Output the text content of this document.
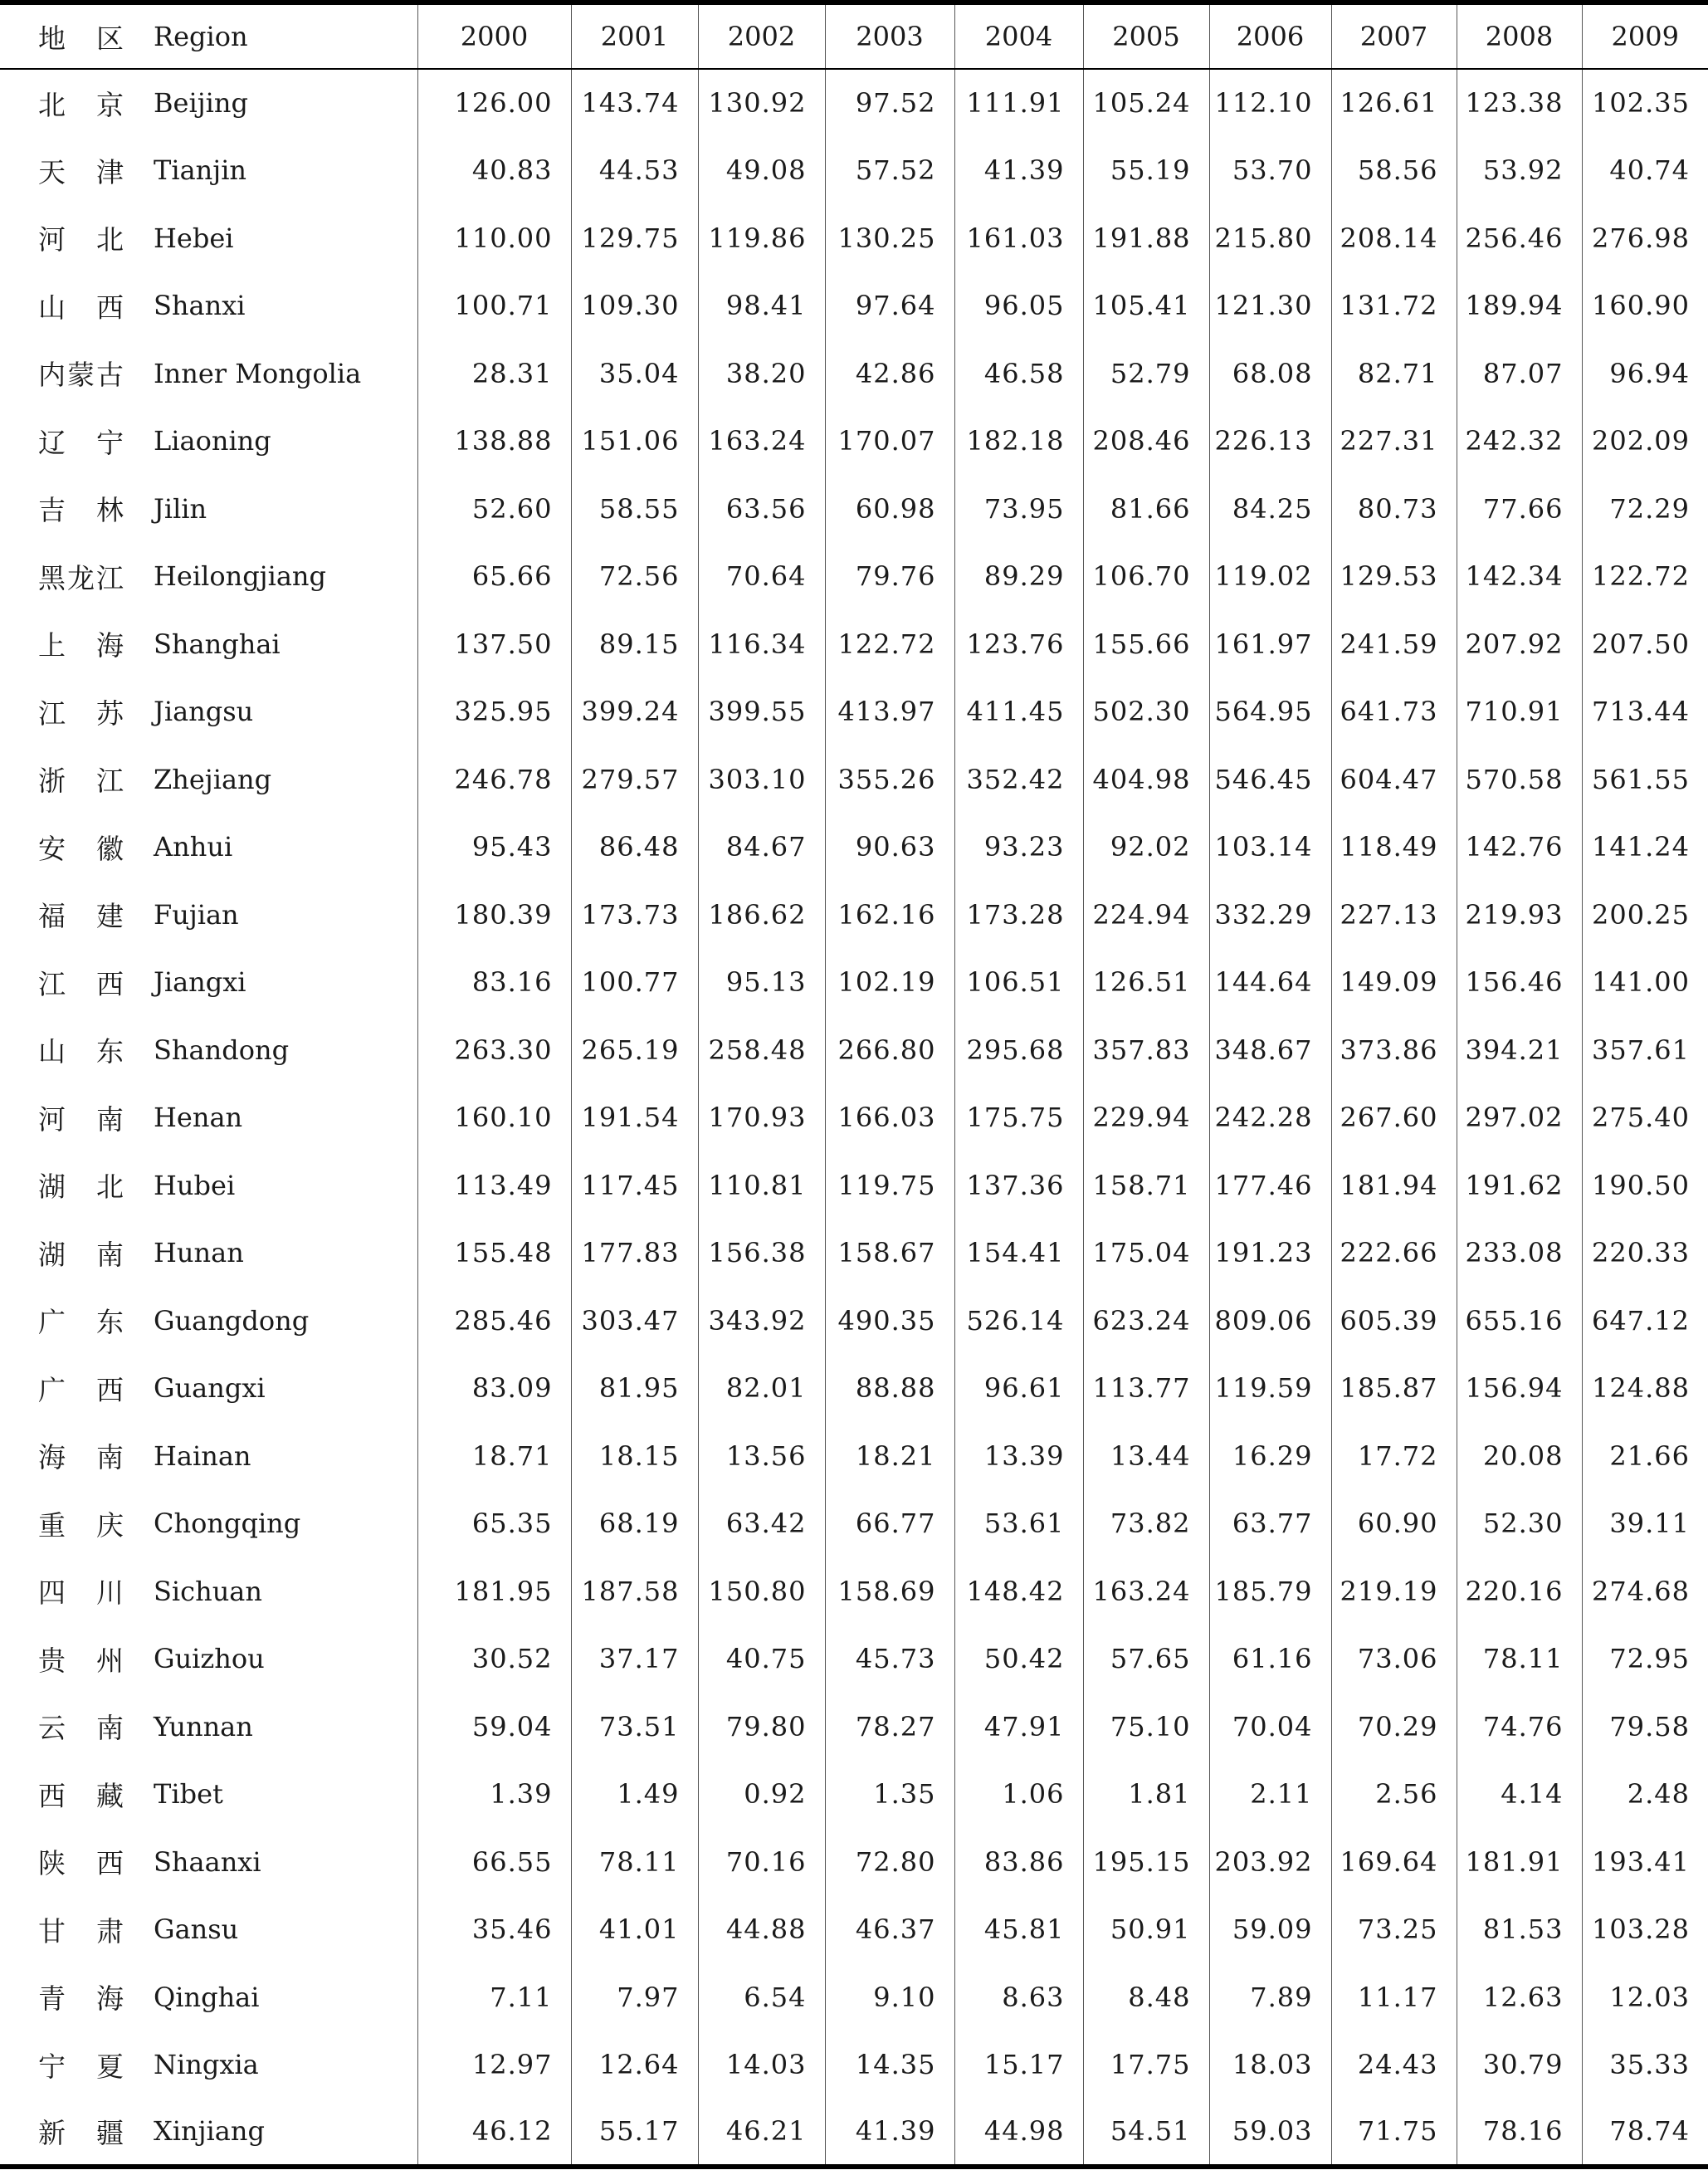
地　区	Region	2000	2001	2002	2003	2004	2005	2006	2007	2008	2009
北　京	Beijing	126.00	143.74	130.92	97.52	111.91	105.24	112.10	126.61	123.38	102.35
天　津	Tianjin	40.83	44.53	49.08	57.52	41.39	55.19	53.70	58.56	53.92	40.74
河　北	Hebei	110.00	129.75	119.86	130.25	161.03	191.88	215.80	208.14	256.46	276.98
山　西	Shanxi	100.71	109.30	98.41	97.64	96.05	105.41	121.30	131.72	189.94	160.90
内蒙古	Inner Mongolia	28.31	35.04	38.20	42.86	46.58	52.79	68.08	82.71	87.07	96.94
辽　宁	Liaoning	138.88	151.06	163.24	170.07	182.18	208.46	226.13	227.31	242.32	202.09
吉　林	Jilin	52.60	58.55	63.56	60.98	73.95	81.66	84.25	80.73	77.66	72.29
黑龙江	Heilongjiang	65.66	72.56	70.64	79.76	89.29	106.70	119.02	129.53	142.34	122.72
上　海	Shanghai	137.50	89.15	116.34	122.72	123.76	155.66	161.97	241.59	207.92	207.50
江　苏	Jiangsu	325.95	399.24	399.55	413.97	411.45	502.30	564.95	641.73	710.91	713.44
浙　江	Zhejiang	246.78	279.57	303.10	355.26	352.42	404.98	546.45	604.47	570.58	561.55
安　徽	Anhui	95.43	86.48	84.67	90.63	93.23	92.02	103.14	118.49	142.76	141.24
福　建	Fujian	180.39	173.73	186.62	162.16	173.28	224.94	332.29	227.13	219.93	200.25
江　西	Jiangxi	83.16	100.77	95.13	102.19	106.51	126.51	144.64	149.09	156.46	141.00
山　东	Shandong	263.30	265.19	258.48	266.80	295.68	357.83	348.67	373.86	394.21	357.61
河　南	Henan	160.10	191.54	170.93	166.03	175.75	229.94	242.28	267.60	297.02	275.40
湖　北	Hubei	113.49	117.45	110.81	119.75	137.36	158.71	177.46	181.94	191.62	190.50
湖　南	Hunan	155.48	177.83	156.38	158.67	154.41	175.04	191.23	222.66	233.08	220.33
广　东	Guangdong	285.46	303.47	343.92	490.35	526.14	623.24	809.06	605.39	655.16	647.12
广　西	Guangxi	83.09	81.95	82.01	88.88	96.61	113.77	119.59	185.87	156.94	124.88
海　南	Hainan	18.71	18.15	13.56	18.21	13.39	13.44	16.29	17.72	20.08	21.66
重　庆	Chongqing	65.35	68.19	63.42	66.77	53.61	73.82	63.77	60.90	52.30	39.11
四　川	Sichuan	181.95	187.58	150.80	158.69	148.42	163.24	185.79	219.19	220.16	274.68
贵　州	Guizhou	30.52	37.17	40.75	45.73	50.42	57.65	61.16	73.06	78.11	72.95
云　南	Yunnan	59.04	73.51	79.80	78.27	47.91	75.10	70.04	70.29	74.76	79.58
西　藏	Tibet	1.39	1.49	0.92	1.35	1.06	1.81	2.11	2.56	4.14	2.48
陕　西	Shaanxi	66.55	78.11	70.16	72.80	83.86	195.15	203.92	169.64	181.91	193.41
甘　肃	Gansu	35.46	41.01	44.88	46.37	45.81	50.91	59.09	73.25	81.53	103.28
青　海	Qinghai	7.11	7.97	6.54	9.10	8.63	8.48	7.89	11.17	12.63	12.03
宁　夏	Ningxia	12.97	12.64	14.03	14.35	15.17	17.75	18.03	24.43	30.79	35.33
新　疆	Xinjiang	46.12	55.17	46.21	41.39	44.98	54.51	59.03	71.75	78.16	78.74
